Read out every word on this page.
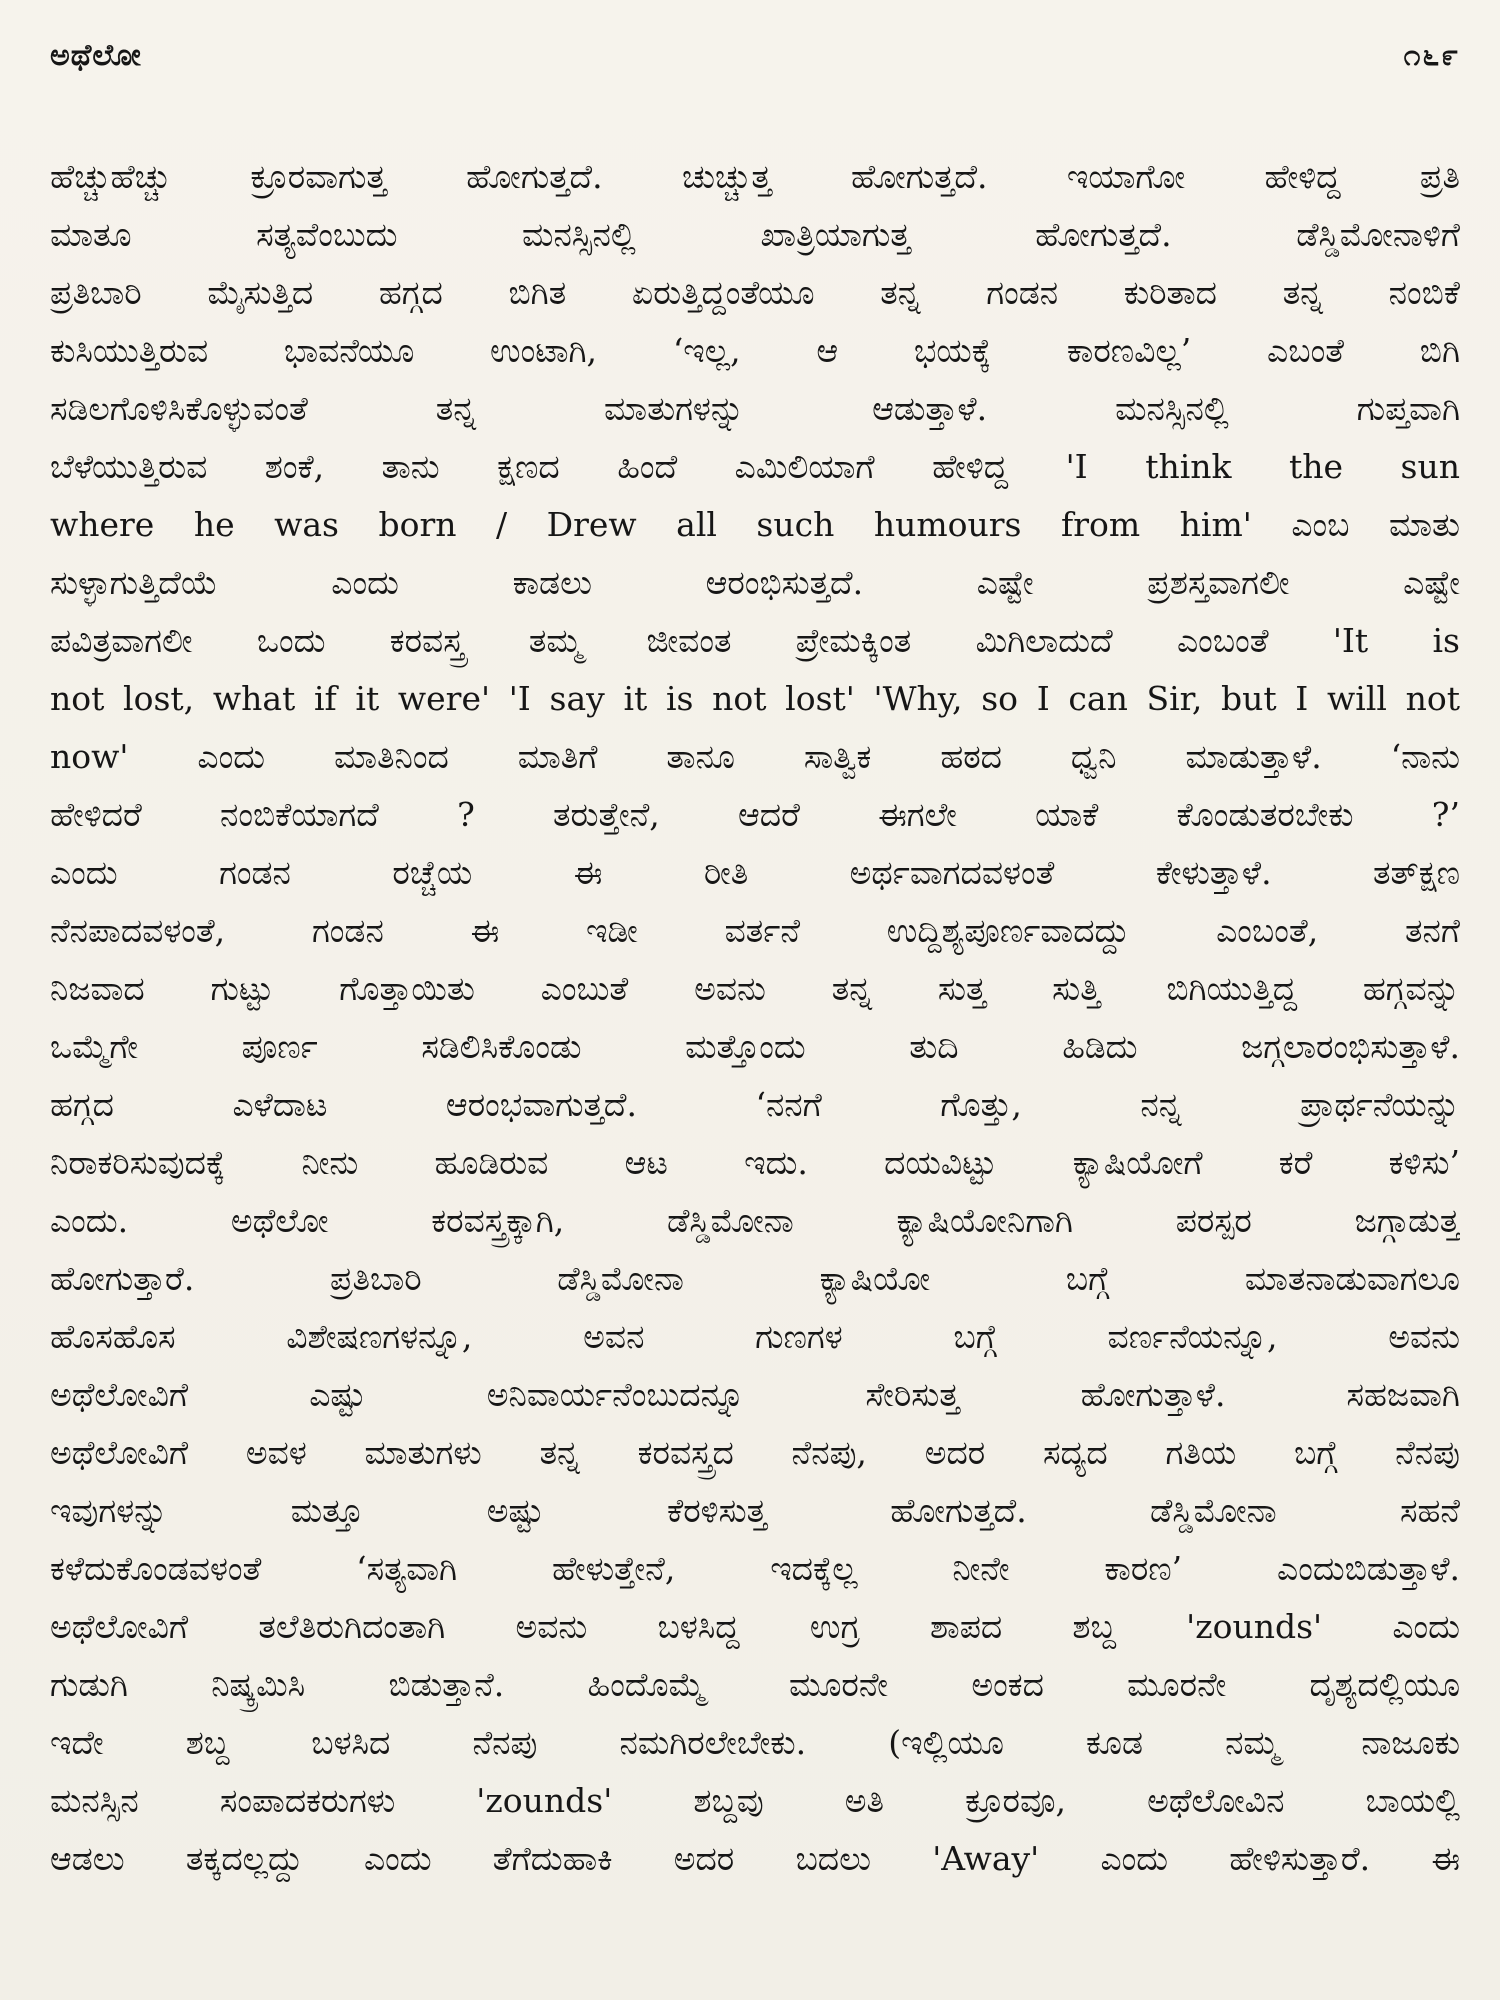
ಅಥೆಲೋ	೧೬೯
ಹೆಚ್ಚುಹೆಚ್ಚು ಕ್ರೂರವಾಗುತ್ತ ಹೋಗುತ್ತದೆ. ಚುಚ್ಚುತ್ತ ಹೋಗುತ್ತದೆ. ಇಯಾಗೋ ಹೇಳಿದ್ದ ಪ್ರತಿ
ಮಾತೂ ಸತ್ಯವೆಂಬುದು ಮನಸ್ಸಿನಲ್ಲಿ ಖಾತ್ರಿಯಾಗುತ್ತ ಹೋಗುತ್ತದೆ. ಡೆಸ್ಡಿಮೋನಾಳಿಗೆ
ಪ್ರತಿಬಾರಿ ಮೈಸುತ್ತಿದ ಹಗ್ಗದ ಬಿಗಿತ ಏರುತ್ತಿದ್ದಂತೆಯೂ ತನ್ನ ಗಂಡನ ಕುರಿತಾದ ತನ್ನ ನಂಬಿಕೆ
ಕುಸಿಯುತ್ತಿರುವ ಭಾವನೆಯೂ ಉಂಟಾಗಿ, ‘ಇಲ್ಲ, ಆ ಭಯಕ್ಕೆ ಕಾರಣವಿಲ್ಲ’ ಎಬಂತೆ ಬಿಗಿ
ಸಡಿಲಗೊಳಿಸಿಕೊಳ್ಳುವಂತೆ ತನ್ನ ಮಾತುಗಳನ್ನು ಆಡುತ್ತಾಳೆ. ಮನಸ್ಸಿನಲ್ಲಿ ಗುಪ್ತವಾಗಿ
ಬೆಳೆಯುತ್ತಿರುವ ಶಂಕೆ, ತಾನು ಕ್ಷಣದ ಹಿಂದೆ ಎಮಿಲಿಯಾಗೆ ಹೇಳಿದ್ದ 'I think the sun
where he was born / Drew all such humours from him' ಎಂಬ ಮಾತು
ಸುಳ್ಳಾಗುತ್ತಿದೆಯೆ ಎಂದು ಕಾಡಲು ಆರಂಭಿಸುತ್ತದೆ. ಎಷ್ಟೇ ಪ್ರಶಸ್ತವಾಗಲೀ ಎಷ್ಟೇ
ಪವಿತ್ರವಾಗಲೀ ಒಂದು ಕರವಸ್ತ್ರ ತಮ್ಮ ಜೀವಂತ ಪ್ರೇಮಕ್ಕಿಂತ ಮಿಗಿಲಾದುದೆ ಎಂಬಂತೆ 'It is
not lost, what if it were' 'I say it is not lost' 'Why, so I can Sir, but I will not
now' ಎಂದು ಮಾತಿನಿಂದ ಮಾತಿಗೆ ತಾನೂ ಸಾತ್ವಿಕ ಹಠದ ಧ್ವನಿ ಮಾಡುತ್ತಾಳೆ. ‘ನಾನು
ಹೇಳಿದರೆ ನಂಬಿಕೆಯಾಗದೆ ? ತರುತ್ತೇನೆ, ಆದರೆ ಈಗಲೇ ಯಾಕೆ ಕೊಂಡುತರಬೇಕು ?’
ಎಂದು ಗಂಡನ ರಚ್ಚೆಯ ಈ ರೀತಿ ಅರ್ಥವಾಗದವಳಂತೆ ಕೇಳುತ್ತಾಳೆ. ತತ್‌ಕ್ಷಣ
ನೆನಪಾದವಳಂತೆ, ಗಂಡನ ಈ ಇಡೀ ವರ್ತನೆ ಉದ್ದಿಶ್ಯಪೂರ್ಣವಾದದ್ದು ಎಂಬಂತೆ, ತನಗೆ
ನಿಜವಾದ ಗುಟ್ಟು ಗೊತ್ತಾಯಿತು ಎಂಬುತೆ ಅವನು ತನ್ನ ಸುತ್ತ ಸುತ್ತಿ ಬಿಗಿಯುತ್ತಿದ್ದ ಹಗ್ಗವನ್ನು
ಒಮ್ಮೆಗೇ ಪೂರ್ಣ ಸಡಿಲಿಸಿಕೊಂಡು ಮತ್ತೊಂದು ತುದಿ ಹಿಡಿದು ಜಗ್ಗಲಾರಂಭಿಸುತ್ತಾಳೆ.
ಹಗ್ಗದ ಎಳೆದಾಟ ಆರಂಭವಾಗುತ್ತದೆ. ‘ನನಗೆ ಗೊತ್ತು, ನನ್ನ ಪ್ರಾರ್ಥನೆಯನ್ನು
ನಿರಾಕರಿಸುವುದಕ್ಕೆ ನೀನು ಹೂಡಿರುವ ಆಟ ಇದು. ದಯವಿಟ್ಟು ಕ್ಯಾಷಿಯೋಗೆ ಕರೆ ಕಳಿಸು’
ಎಂದು. ಅಥೆಲೋ ಕರವಸ್ತ್ರಕ್ಕಾಗಿ, ಡೆಸ್ಡಿಮೋನಾ ಕ್ಯಾಷಿಯೋನಿಗಾಗಿ ಪರಸ್ಪರ ಜಗ್ಗಾಡುತ್ತ
ಹೋಗುತ್ತಾರೆ. ಪ್ರತಿಬಾರಿ ಡೆಸ್ಡಿಮೋನಾ ಕ್ಯಾಷಿಯೋ ಬಗ್ಗೆ ಮಾತನಾಡುವಾಗಲೂ
ಹೊಸಹೊಸ ವಿಶೇಷಣಗಳನ್ನೂ, ಅವನ ಗುಣಗಳ ಬಗ್ಗೆ ವರ್ಣನೆಯನ್ನೂ, ಅವನು
ಅಥೆಲೋವಿಗೆ ಎಷ್ಟು ಅನಿವಾರ್ಯನೆಂಬುದನ್ನೂ ಸೇರಿಸುತ್ತ ಹೋಗುತ್ತಾಳೆ. ಸಹಜವಾಗಿ
ಅಥೆಲೋವಿಗೆ ಅವಳ ಮಾತುಗಳು ತನ್ನ ಕರವಸ್ತ್ರದ ನೆನಪು, ಅದರ ಸದ್ಯದ ಗತಿಯ ಬಗ್ಗೆ ನೆನಪು
ಇವುಗಳನ್ನು ಮತ್ತೂ ಅಷ್ಟು ಕೆರಳಿಸುತ್ತ ಹೋಗುತ್ತದೆ. ಡೆಸ್ಡಿಮೋನಾ ಸಹನೆ
ಕಳೆದುಕೊಂಡವಳಂತೆ ‘ಸತ್ಯವಾಗಿ ಹೇಳುತ್ತೇನೆ, ಇದಕ್ಕೆಲ್ಲ ನೀನೇ ಕಾರಣ’ ಎಂದುಬಿಡುತ್ತಾಳೆ.
ಅಥೆಲೋವಿಗೆ ತಲೆತಿರುಗಿದಂತಾಗಿ ಅವನು ಬಳಸಿದ್ದ ಉಗ್ರ ಶಾಪದ ಶಬ್ದ 'zounds' ಎಂದು
ಗುಡುಗಿ ನಿಷ್ಕ್ರಮಿಸಿ ಬಿಡುತ್ತಾನೆ. ಹಿಂದೊಮ್ಮೆ ಮೂರನೇ ಅಂಕದ ಮೂರನೇ ದೃಶ್ಯದಲ್ಲಿಯೂ
ಇದೇ ಶಬ್ದ ಬಳಸಿದ ನೆನಪು ನಮಗಿರಲೇಬೇಕು. (ಇಲ್ಲಿಯೂ ಕೂಡ ನಮ್ಮ ನಾಜೂಕು
ಮನಸ್ಸಿನ ಸಂಪಾದಕರುಗಳು 'zounds' ಶಬ್ದವು ಅತಿ ಕ್ರೂರವೂ, ಅಥೆಲೋವಿನ ಬಾಯಲ್ಲಿ
ಆಡಲು ತಕ್ಕದಲ್ಲದ್ದು ಎಂದು ತೆಗೆದುಹಾಕಿ ಅದರ ಬದಲು 'Away' ಎಂದು ಹೇಳಿಸುತ್ತಾರೆ. ಈ
